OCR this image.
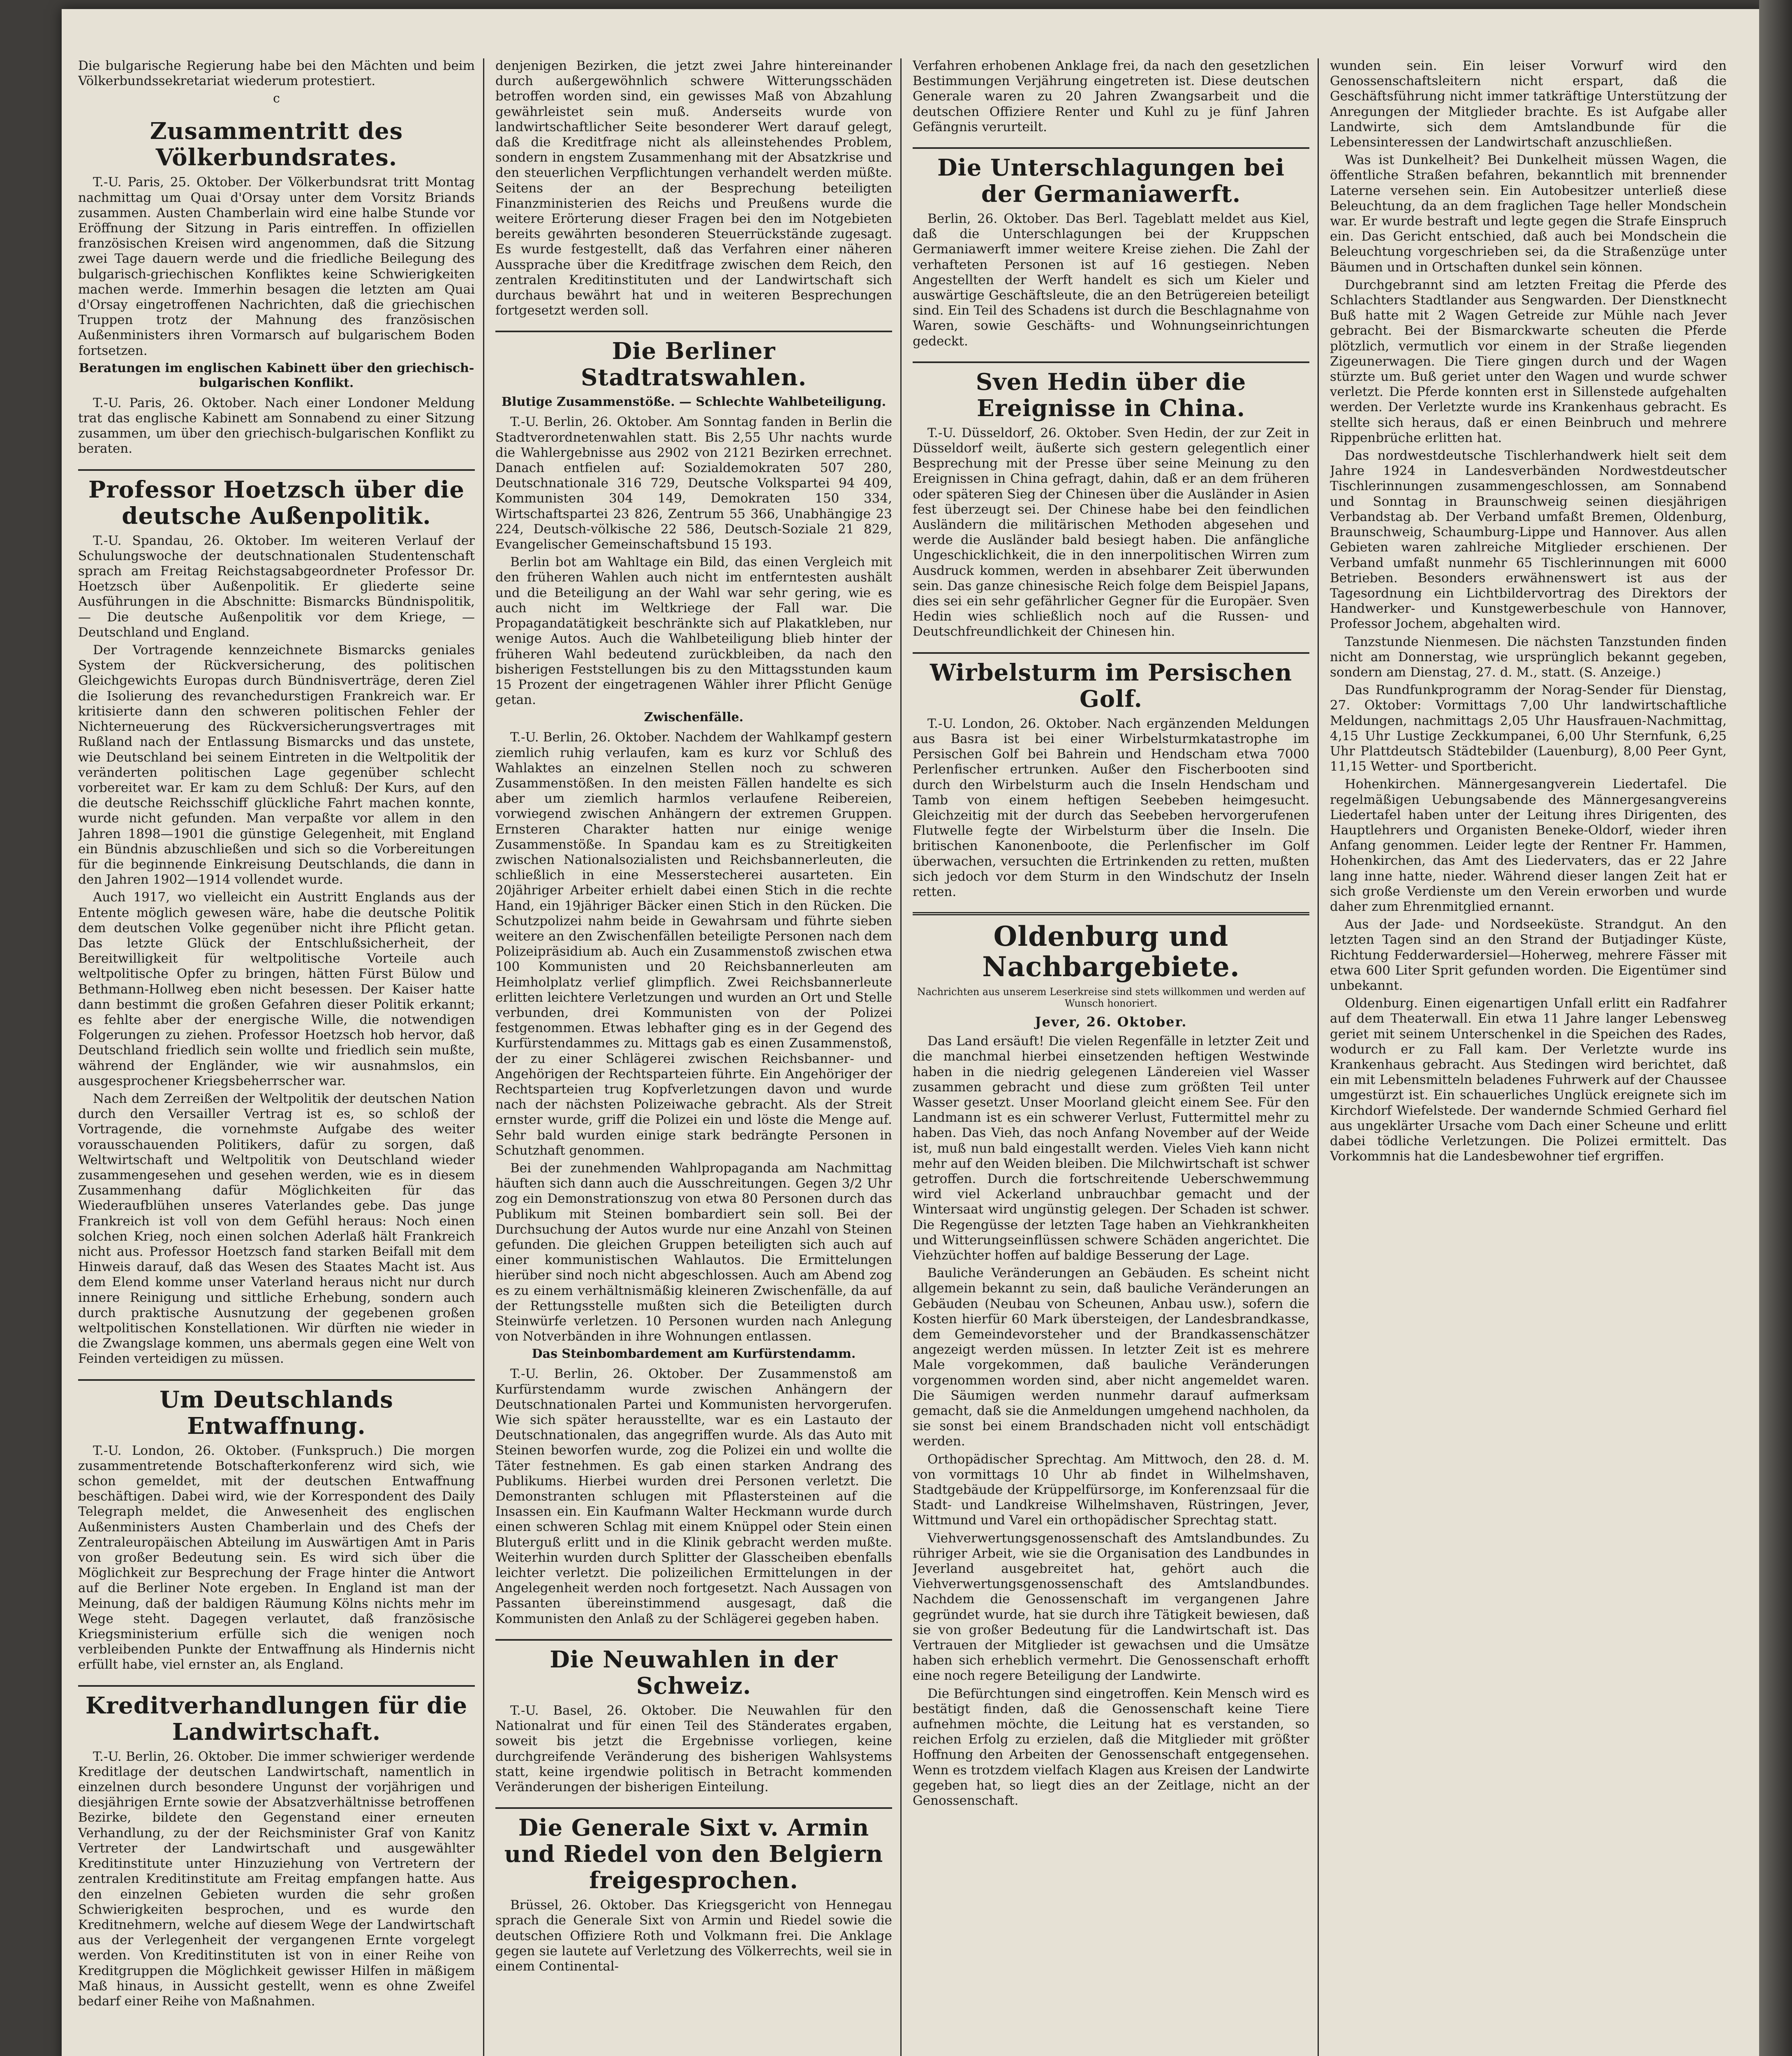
Die bulgarische Regierung habe bei den Mächten und beim Völkerbundssekretariat wiederum protestiert.

c
Zusammentritt des Völkerbundsrates.

T.-U. Paris, 25. Oktober. Der Völkerbundsrat tritt Montag nachmittag um Quai d'Orsay unter dem Vorsitz Briands zusammen. Austen Chamberlain wird eine halbe Stunde vor Eröffnung der Sitzung in Paris eintreffen. In offiziellen französischen Kreisen wird angenommen, daß die Sitzung zwei Tage dauern werde und die friedliche Beilegung des bulgarisch-griechischen Konfliktes keine Schwierigkeiten machen werde. Immerhin besagen die letzten am Quai d'Orsay eingetroffenen Nachrichten, daß die griechischen Truppen trotz der Mahnung des französischen Außenministers ihren Vormarsch auf bulgarischem Boden fortsetzen.

Beratungen im englischen Kabinett über den griechisch-bulgarischen Konflikt.

T.-U. Paris, 26. Oktober. Nach einer Londoner Meldung trat das englische Kabinett am Sonnabend zu einer Sitzung zusammen, um über den griechisch-bulgarischen Konflikt zu beraten.

Professor Hoetzsch über die deutsche Außenpolitik.

T.-U. Spandau, 26. Oktober. Im weiteren Verlauf der Schulungswoche der deutschnationalen Studentenschaft sprach am Freitag Reichstagsabgeordneter Professor Dr. Hoetzsch über Außenpolitik. Er gliederte seine Ausführungen in die Abschnitte: Bismarcks Bündnispolitik, — Die deutsche Außenpolitik vor dem Kriege, — Deutschland und England.

Der Vortragende kennzeichnete Bismarcks geniales System der Rückversicherung, des politischen Gleichgewichts Europas durch Bündnisverträge, deren Ziel die Isolierung des revanchedurstigen Frankreich war. Er kritisierte dann den schweren politischen Fehler der Nichterneuerung des Rückversicherungsvertrages mit Rußland nach der Entlassung Bismarcks und das unstete, wie Deutschland bei seinem Eintreten in die Weltpolitik der veränderten politischen Lage gegenüber schlecht vorbereitet war. Er kam zu dem Schluß: Der Kurs, auf den die deutsche Reichsschiff glückliche Fahrt machen konnte, wurde nicht gefunden. Man verpaßte vor allem in den Jahren 1898—1901 die günstige Gelegenheit, mit England ein Bündnis abzuschließen und sich so die Vorbereitungen für die beginnende Einkreisung Deutschlands, die dann in den Jahren 1902—1914 vollendet wurde.

Auch 1917, wo vielleicht ein Austritt Englands aus der Entente möglich gewesen wäre, habe die deutsche Politik dem deutschen Volke gegenüber nicht ihre Pflicht getan. Das letzte Glück der Entschlußsicherheit, der Bereitwilligkeit für weltpolitische Vorteile auch weltpolitische Opfer zu bringen, hätten Fürst Bülow und Bethmann-Hollweg eben nicht besessen. Der Kaiser hatte dann bestimmt die großen Gefahren dieser Politik erkannt; es fehlte aber der energische Wille, die notwendigen Folgerungen zu ziehen. Professor Hoetzsch hob hervor, daß Deutschland friedlich sein wollte und friedlich sein mußte, während der Engländer, wie wir ausnahmslos, ein ausgesprochener Kriegsbeherrscher war.

Nach dem Zerreißen der Weltpolitik der deutschen Nation durch den Versailler Vertrag ist es, so schloß der Vortragende, die vornehmste Aufgabe des weiter vorausschauenden Politikers, dafür zu sorgen, daß Weltwirtschaft und Weltpolitik von Deutschland wieder zusammengesehen und gesehen werden, wie es in diesem Zusammenhang dafür Möglichkeiten für das Wiederaufblühen unseres Vaterlandes gebe. Das junge Frankreich ist voll von dem Gefühl heraus: Noch einen solchen Krieg, noch einen solchen Aderlaß hält Frankreich nicht aus. Professor Hoetzsch fand starken Beifall mit dem Hinweis darauf, daß das Wesen des Staates Macht ist. Aus dem Elend komme unser Vaterland heraus nicht nur durch innere Reinigung und sittliche Erhebung, sondern auch durch praktische Ausnutzung der gegebenen großen weltpolitischen Konstellationen. Wir dürften nie wieder in die Zwangslage kommen, uns abermals gegen eine Welt von Feinden verteidigen zu müssen.

Um Deutschlands Entwaffnung.

T.-U. London, 26. Oktober. (Funkspruch.) Die morgen zusammentretende Botschafterkonferenz wird sich, wie schon gemeldet, mit der deutschen Entwaffnung beschäftigen. Dabei wird, wie der Korrespondent des Daily Telegraph meldet, die Anwesenheit des englischen Außenministers Austen Chamberlain und des Chefs der Zentraleuropäischen Abteilung im Auswärtigen Amt in Paris von großer Bedeutung sein. Es wird sich über die Möglichkeit zur Besprechung der Frage hinter die Antwort auf die Berliner Note ergeben. In England ist man der Meinung, daß der baldigen Räumung Kölns nichts mehr im Wege steht. Dagegen verlautet, daß französische Kriegsministerium erfülle sich die wenigen noch verbleibenden Punkte der Entwaffnung als Hindernis nicht erfüllt habe, viel ernster an, als England.

Kreditverhandlungen für die Landwirtschaft.

T.-U. Berlin, 26. Oktober. Die immer schwieriger werdende Kreditlage der deutschen Landwirtschaft, namentlich in einzelnen durch besondere Ungunst der vorjährigen und diesjährigen Ernte sowie der Absatzverhältnisse betroffenen Bezirke, bildete den Gegenstand einer erneuten Verhandlung, zu der der Reichsminister Graf von Kanitz Vertreter der Landwirtschaft und ausgewählter Kreditinstitute unter Hinzuziehung von Vertretern der zentralen Kreditinstitute am Freitag empfangen hatte. Aus den einzelnen Gebieten wurden die sehr großen Schwierigkeiten besprochen, und es wurde den Kreditnehmern, welche auf diesem Wege der Landwirtschaft aus der Verlegenheit der vergangenen Ernte vorgelegt werden. Von Kreditinstituten ist von in einer Reihe von Kreditgruppen die Möglichkeit gewisser Hilfen in mäßigem Maß hinaus, in Aussicht gestellt, wenn es ohne Zweifel bedarf einer Reihe von Maßnahmen.

denjenigen Bezirken, die jetzt zwei Jahre hintereinander durch außergewöhnlich schwere Witterungsschäden betroffen worden sind, ein gewisses Maß von Abzahlung gewährleistet sein muß. Anderseits wurde von landwirtschaftlicher Seite besonderer Wert darauf gelegt, daß die Kreditfrage nicht als alleinstehendes Problem, sondern in engstem Zusammenhang mit der Absatzkrise und den steuerlichen Verpflichtungen verhandelt werden müßte. Seitens der an der Besprechung beteiligten Finanzministerien des Reichs und Preußens wurde die weitere Erörterung dieser Fragen bei den im Notgebieten bereits gewährten besonderen Steuerrückstände zugesagt. Es wurde festgestellt, daß das Verfahren einer näheren Aussprache über die Kreditfrage zwischen dem Reich, den zentralen Kreditinstituten und der Landwirtschaft sich durchaus bewährt hat und in weiteren Besprechungen fortgesetzt werden soll.

Die Berliner Stadtratswahlen.
Blutige Zusammenstöße. — Schlechte Wahlbeteiligung.

T.-U. Berlin, 26. Oktober. Am Sonntag fanden in Berlin die Stadtverordnetenwahlen statt. Bis 2,55 Uhr nachts wurde die Wahlergebnisse aus 2902 von 2121 Bezirken errechnet. Danach entfielen auf: Sozialdemokraten 507 280, Deutschnationale 316 729, Deutsche Volkspartei 94 409, Kommunisten 304 149, Demokraten 150 334, Wirtschaftspartei 23 826, Zentrum 55 366, Unabhängige 23 224, Deutsch-völkische 22 586, Deutsch-Soziale 21 829, Evangelischer Gemeinschaftsbund 15 193.

Berlin bot am Wahltage ein Bild, das einen Vergleich mit den früheren Wahlen auch nicht im entferntesten aushält und die Beteiligung an der Wahl war sehr gering, wie es auch nicht im Weltkriege der Fall war. Die Propagandatätigkeit beschränkte sich auf Plakatkleben, nur wenige Autos. Auch die Wahlbeteiligung blieb hinter der früheren Wahl bedeutend zurückbleiben, da nach den bisherigen Feststellungen bis zu den Mittagsstunden kaum 15 Prozent der eingetragenen Wähler ihrer Pflicht Genüge getan.

Zwischenfälle.

T.-U. Berlin, 26. Oktober. Nachdem der Wahlkampf gestern ziemlich ruhig verlaufen, kam es kurz vor Schluß des Wahlaktes an einzelnen Stellen noch zu schweren Zusammenstößen. In den meisten Fällen handelte es sich aber um ziemlich harmlos verlaufene Reibereien, vorwiegend zwischen Anhängern der extremen Gruppen. Ernsteren Charakter hatten nur einige wenige Zusammenstöße. In Spandau kam es zu Streitigkeiten zwischen Nationalsozialisten und Reichsbannerleuten, die schließlich in eine Messerstecherei ausarteten. Ein 20jähriger Arbeiter erhielt dabei einen Stich in die rechte Hand, ein 19jähriger Bäcker einen Stich in den Rücken. Die Schutzpolizei nahm beide in Gewahrsam und führte sieben weitere an den Zwischenfällen beteiligte Personen nach dem Polizeipräsidium ab. Auch ein Zusammenstoß zwischen etwa 100 Kommunisten und 20 Reichsbannerleuten am Heimholplatz verlief glimpflich. Zwei Reichsbannerleute erlitten leichtere Verletzungen und wurden an Ort und Stelle verbunden, drei Kommunisten von der Polizei festgenommen. Etwas lebhafter ging es in der Gegend des Kurfürstendammes zu. Mittags gab es einen Zusammenstoß, der zu einer Schlägerei zwischen Reichsbanner- und Angehörigen der Rechtsparteien führte. Ein Angehöriger der Rechtsparteien trug Kopfverletzungen davon und wurde nach der nächsten Polizeiwache gebracht. Als der Streit ernster wurde, griff die Polizei ein und löste die Menge auf. Sehr bald wurden einige stark bedrängte Personen in Schutzhaft genommen.

Bei der zunehmenden Wahlpropaganda am Nachmittag häuften sich dann auch die Ausschreitungen. Gegen 3/2 Uhr zog ein Demonstrationszug von etwa 80 Personen durch das Publikum mit Steinen bombardiert sein soll. Bei der Durchsuchung der Autos wurde nur eine Anzahl von Steinen gefunden. Die gleichen Gruppen beteiligten sich auch auf einer kommunistischen Wahlautos. Die Ermittelungen hierüber sind noch nicht abgeschlossen. Auch am Abend zog es zu einem verhältnismäßig kleineren Zwischenfälle, da auf der Rettungsstelle mußten sich die Beteiligten durch Steinwürfe verletzen. 10 Personen wurden nach Anlegung von Notverbänden in ihre Wohnungen entlassen.

Das Steinbombardement am Kurfürstendamm.

T.-U. Berlin, 26. Oktober. Der Zusammenstoß am Kurfürstendamm wurde zwischen Anhängern der Deutschnationalen Partei und Kommunisten hervorgerufen. Wie sich später herausstellte, war es ein Lastauto der Deutschnationalen, das angegriffen wurde. Als das Auto mit Steinen beworfen wurde, zog die Polizei ein und wollte die Täter festnehmen. Es gab einen starken Andrang des Publikums. Hierbei wurden drei Personen verletzt. Die Demonstranten schlugen mit Pflastersteinen auf die Insassen ein. Ein Kaufmann Walter Heckmann wurde durch einen schweren Schlag mit einem Knüppel oder Stein einen Bluterguß erlitt und in die Klinik gebracht werden mußte. Weiterhin wurden durch Splitter der Glasscheiben ebenfalls leichter verletzt. Die polizeilichen Ermittelungen in der Angelegenheit werden noch fortgesetzt. Nach Aussagen von Passanten übereinstimmend ausgesagt, daß die Kommunisten den Anlaß zu der Schlägerei gegeben haben.

Die Neuwahlen in der Schweiz.

T.-U. Basel, 26. Oktober. Die Neuwahlen für den Nationalrat und für einen Teil des Ständerates ergaben, soweit bis jetzt die Ergebnisse vorliegen, keine durchgreifende Veränderung des bisherigen Wahlsystems statt, keine irgendwie politisch in Betracht kommenden Veränderungen der bisherigen Einteilung.

Die Generale Sixt v. Armin und Riedel von den Belgiern freigesprochen.

Brüssel, 26. Oktober. Das Kriegsgericht von Hennegau sprach die Generale Sixt von Armin und Riedel sowie die deutschen Offiziere Roth und Volkmann frei. Die Anklage gegen sie lautete auf Verletzung des Völkerrechts, weil sie in einem Continental-

Verfahren erhobenen Anklage frei, da nach den gesetzlichen Bestimmungen Verjährung eingetreten ist. Diese deutschen Generale waren zu 20 Jahren Zwangsarbeit und die deutschen Offiziere Renter und Kuhl zu je fünf Jahren Gefängnis verurteilt.

Die Unterschlagungen bei der Germaniawerft.

Berlin, 26. Oktober. Das Berl. Tageblatt meldet aus Kiel, daß die Unterschlagungen bei der Kruppschen Germaniawerft immer weitere Kreise ziehen. Die Zahl der verhafteten Personen ist auf 16 gestiegen. Neben Angestellten der Werft handelt es sich um Kieler und auswärtige Geschäftsleute, die an den Betrügereien beteiligt sind. Ein Teil des Schadens ist durch die Beschlagnahme von Waren, sowie Geschäfts- und Wohnungseinrichtungen gedeckt.

Sven Hedin über die Ereignisse in China.

T.-U. Düsseldorf, 26. Oktober. Sven Hedin, der zur Zeit in Düsseldorf weilt, äußerte sich gestern gelegentlich einer Besprechung mit der Presse über seine Meinung zu den Ereignissen in China gefragt, dahin, daß er an dem früheren oder späteren Sieg der Chinesen über die Ausländer in Asien fest überzeugt sei. Der Chinese habe bei den feindlichen Ausländern die militärischen Methoden abgesehen und werde die Ausländer bald besiegt haben. Die anfängliche Ungeschicklichkeit, die in den innerpolitischen Wirren zum Ausdruck kommen, werden in absehbarer Zeit überwunden sein. Das ganze chinesische Reich folge dem Beispiel Japans, dies sei ein sehr gefährlicher Gegner für die Europäer. Sven Hedin wies schließlich noch auf die Russen- und Deutschfreundlichkeit der Chinesen hin.

Wirbelsturm im Persischen Golf.

T.-U. London, 26. Oktober. Nach ergänzenden Meldungen aus Basra ist bei einer Wirbelsturmkatastrophe im Persischen Golf bei Bahrein und Hendscham etwa 7000 Perlenfischer ertrunken. Außer den Fischerbooten sind durch den Wirbelsturm auch die Inseln Hendscham und Tamb von einem heftigen Seebeben heimgesucht. Gleichzeitig mit der durch das Seebeben hervorgerufenen Flutwelle fegte der Wirbelsturm über die Inseln. Die britischen Kanonenboote, die Perlenfischer im Golf überwachen, versuchten die Ertrinkenden zu retten, mußten sich jedoch vor dem Sturm in den Windschutz der Inseln retten.

Oldenburg und Nachbargebiete.
Nachrichten aus unserem Leserkreise sind stets willkommen und werden auf Wunsch honoriert.
Jever, 26. Oktober.

Das Land ersäuft! Die vielen Regenfälle in letzter Zeit und die manchmal hierbei einsetzenden heftigen Westwinde haben in die niedrig gelegenen Ländereien viel Wasser zusammen gebracht und diese zum größten Teil unter Wasser gesetzt. Unser Moorland gleicht einem See. Für den Landmann ist es ein schwerer Verlust, Futtermittel mehr zu haben. Das Vieh, das noch Anfang November auf der Weide ist, muß nun bald eingestallt werden. Vieles Vieh kann nicht mehr auf den Weiden bleiben. Die Milchwirtschaft ist schwer getroffen. Durch die fortschreitende Ueberschwemmung wird viel Ackerland unbrauchbar gemacht und der Wintersaat wird ungünstig gelegen. Der Schaden ist schwer. Die Regengüsse der letzten Tage haben an Viehkrankheiten und Witterungseinflüssen schwere Schäden angerichtet. Die Viehzüchter hoffen auf baldige Besserung der Lage.

Bauliche Veränderungen an Gebäuden. Es scheint nicht allgemein bekannt zu sein, daß bauliche Veränderungen an Gebäuden (Neubau von Scheunen, Anbau usw.), sofern die Kosten hierfür 60 Mark übersteigen, der Landesbrandkasse, dem Gemeindevorsteher und der Brandkassenschätzer angezeigt werden müssen. In letzter Zeit ist es mehrere Male vorgekommen, daß bauliche Veränderungen vorgenommen worden sind, aber nicht angemeldet waren. Die Säumigen werden nunmehr darauf aufmerksam gemacht, daß sie die Anmeldungen umgehend nachholen, da sie sonst bei einem Brandschaden nicht voll entschädigt werden.

Orthopädischer Sprechtag. Am Mittwoch, den 28. d. M. von vormittags 10 Uhr ab findet in Wilhelmshaven, Stadtgebäude der Krüppelfürsorge, im Konferenzsaal für die Stadt- und Landkreise Wilhelmshaven, Rüstringen, Jever, Wittmund und Varel ein orthopädischer Sprechtag statt.

Viehverwertungsgenossenschaft des Amtslandbundes. Zu rühriger Arbeit, wie sie die Organisation des Landbundes in Jeverland ausgebreitet hat, gehört auch die Viehverwertungsgenossenschaft des Amtslandbundes. Nachdem die Genossenschaft im vergangenen Jahre gegründet wurde, hat sie durch ihre Tätigkeit bewiesen, daß sie von großer Bedeutung für die Landwirtschaft ist. Das Vertrauen der Mitglieder ist gewachsen und die Umsätze haben sich erheblich vermehrt. Die Genossenschaft erhofft eine noch regere Beteiligung der Landwirte.

Die Befürchtungen sind eingetroffen. Kein Mensch wird es bestätigt finden, daß die Genossenschaft keine Tiere aufnehmen möchte, die Leitung hat es verstanden, so reichen Erfolg zu erzielen, daß die Mitglieder mit größter Hoffnung den Arbeiten der Genossenschaft entgegensehen. Wenn es trotzdem vielfach Klagen aus Kreisen der Landwirte gegeben hat, so liegt dies an der Zeitlage, nicht an der Genossenschaft.

wunden sein. Ein leiser Vorwurf wird den Genossenschaftsleitern nicht erspart, daß die Geschäftsführung nicht immer tatkräftige Unterstützung der Anregungen der Mitglieder brachte. Es ist Aufgabe aller Landwirte, sich dem Amtslandbunde für die Lebensinteressen der Landwirtschaft anzuschließen.

Was ist Dunkelheit? Bei Dunkelheit müssen Wagen, die öffentliche Straßen befahren, bekanntlich mit brennender Laterne versehen sein. Ein Autobesitzer unterließ diese Beleuchtung, da an dem fraglichen Tage heller Mondschein war. Er wurde bestraft und legte gegen die Strafe Einspruch ein. Das Gericht entschied, daß auch bei Mondschein die Beleuchtung vorgeschrieben sei, da die Straßenzüge unter Bäumen und in Ortschaften dunkel sein können.

Durchgebrannt sind am letzten Freitag die Pferde des Schlachters Stadtlander aus Sengwarden. Der Dienstknecht Buß hatte mit 2 Wagen Getreide zur Mühle nach Jever gebracht. Bei der Bismarckwarte scheuten die Pferde plötzlich, vermutlich vor einem in der Straße liegenden Zigeunerwagen. Die Tiere gingen durch und der Wagen stürzte um. Buß geriet unter den Wagen und wurde schwer verletzt. Die Pferde konnten erst in Sillenstede aufgehalten werden. Der Verletzte wurde ins Krankenhaus gebracht. Es stellte sich heraus, daß er einen Beinbruch und mehrere Rippenbrüche erlitten hat.

Das nordwestdeutsche Tischlerhandwerk hielt seit dem Jahre 1924 in Landesverbänden Nordwestdeutscher Tischlerinnungen zusammengeschlossen, am Sonnabend und Sonntag in Braunschweig seinen diesjährigen Verbandstag ab. Der Verband umfaßt Bremen, Oldenburg, Braunschweig, Schaumburg-Lippe und Hannover. Aus allen Gebieten waren zahlreiche Mitglieder erschienen. Der Verband umfaßt nunmehr 65 Tischlerinnungen mit 6000 Betrieben. Besonders erwähnenswert ist aus der Tagesordnung ein Lichtbildervortrag des Direktors der Handwerker- und Kunstgewerbeschule von Hannover, Professor Jochem, abgehalten wird.

Tanzstunde Nienmesen. Die nächsten Tanzstunden finden nicht am Donnerstag, wie ursprünglich bekannt gegeben, sondern am Dienstag, 27. d. M., statt. (S. Anzeige.)

Das Rundfunkprogramm der Norag-Sender für Dienstag, 27. Oktober: Vormittags 7,00 Uhr landwirtschaftliche Meldungen, nachmittags 2,05 Uhr Hausfrauen-Nachmittag, 4,15 Uhr Lustige Zeckkumpanei, 6,00 Uhr Sternfunk, 6,25 Uhr Plattdeutsch Städtebilder (Lauenburg), 8,00 Peer Gynt, 11,15 Wetter- und Sportbericht.

Hohenkirchen. Männergesangverein Liedertafel. Die regelmäßigen Uebungsabende des Männergesangvereins Liedertafel haben unter der Leitung ihres Dirigenten, des Hauptlehrers und Organisten Beneke-Oldorf, wieder ihren Anfang genommen. Leider legte der Rentner Fr. Hammen, Hohenkirchen, das Amt des Liedervaters, das er 22 Jahre lang inne hatte, nieder. Während dieser langen Zeit hat er sich große Verdienste um den Verein erworben und wurde daher zum Ehrenmitglied ernannt.

Aus der Jade- und Nordseeküste. Strandgut. An den letzten Tagen sind an den Strand der Butjadinger Küste, Richtung Fedderwardersiel—Hoherweg, mehrere Fässer mit etwa 600 Liter Sprit gefunden worden. Die Eigentümer sind unbekannt.

Oldenburg. Einen eigenartigen Unfall erlitt ein Radfahrer auf dem Theaterwall. Ein etwa 11 Jahre langer Lebensweg geriet mit seinem Unterschenkel in die Speichen des Rades, wodurch er zu Fall kam. Der Verletzte wurde ins Krankenhaus gebracht. Aus Stedingen wird berichtet, daß ein mit Lebensmitteln beladenes Fuhrwerk auf der Chaussee umgestürzt ist. Ein schauerliches Unglück ereignete sich im Kirchdorf Wiefelstede. Der wandernde Schmied Gerhard fiel aus ungeklärter Ursache vom Dach einer Scheune und erlitt dabei tödliche Verletzungen. Die Polizei ermittelt. Das Vorkommnis hat die Landesbewohner tief ergriffen.
